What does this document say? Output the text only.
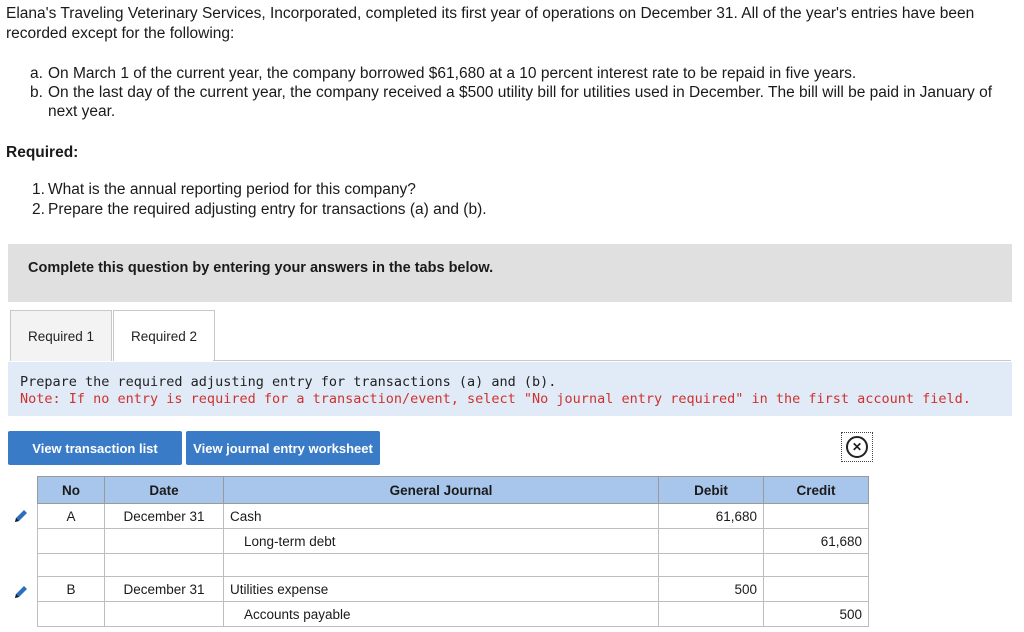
Elana's Traveling Veterinary Services, Incorporated, completed its first year of operations on December 31. All of the year's entries have been recorded except for the following:
a. On March 1 of the current year, the company borrowed $61,680 at a 10 percent interest rate to be repaid in five years.
b. On the last day of the current year, the company received a $500 utility bill for utilities used in December. The bill will be paid in January of next year.
Required:
1. What is the annual reporting period for this company?
2. Prepare the required adjusting entry for transactions (a) and (b).
Complete this question by entering your answers in the tabs below.
Required 1	Required 2
Prepare the required adjusting entry for transactions (a) and (b).
Note: If no entry is required for a transaction/event, select "No journal entry required" in the first account field.
View transaction list	View journal entry worksheet	✕
No	Date	General Journal	Debit	Credit
A	December 31	Cash	61,680	
		Long-term debt		61,680

B	December 31	Utilities expense	500	
		Accounts payable		500
